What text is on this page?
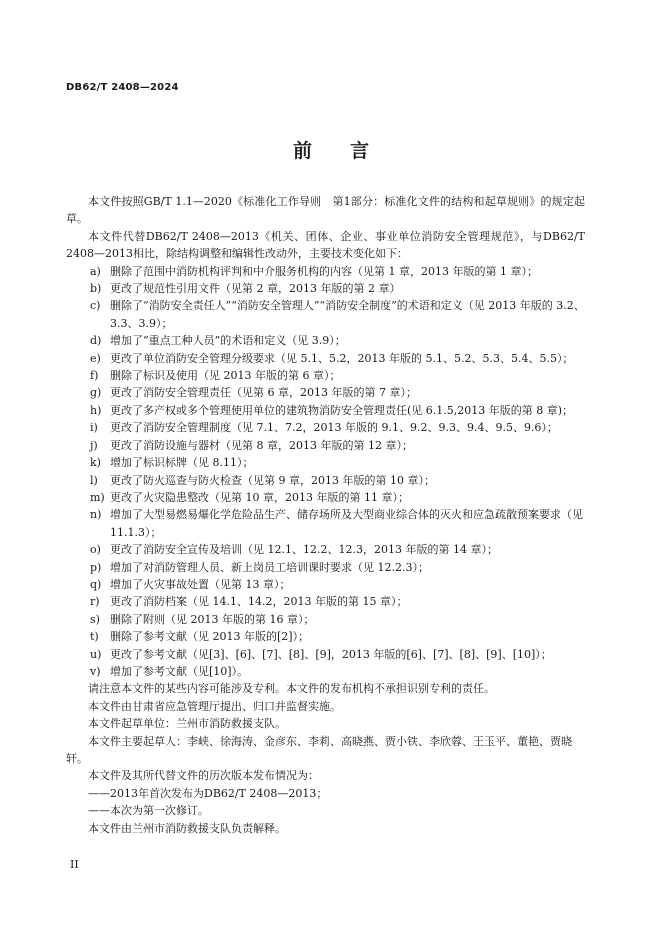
DB62/T 2408—2024
前 言

本文件按照GB/T 1.1—2020《标准化工作导则　第1部分：标准化文件的结构和起草规则》的规定起草。

本文件代替DB62/T 2408—2013《机关、团体、企业、事业单位消防安全管理规范》，与DB62/T 2408—2013相比，除结构调整和编辑性改动外，主要技术变化如下：

a) 删除了范围中消防机构评判和中介服务机构的内容（见第 1 章，2013 年版的第 1 章）；

b) 更改了规范性引用文件（见第 2 章，2013 年版的第 2 章）

c) 删除了“消防安全责任人”“消防安全管理人”“消防安全制度”的术语和定义（见 2013 年版的 3.2、3.3、3.9）；

d) 增加了“重点工种人员”的术语和定义（见 3.9）；

e) 更改了单位消防安全管理分级要求（见 5.1、5.2，2013 年版的 5.1、5.2、5.3、5.4、5.5）；

f)	删除了标识及使用（见 2013 年版的第 6 章）；

g) 更改了消防安全管理责任（见第 6 章，2013 年版的第 7 章）；

h) 更改了多产权或多个管理使用单位的建筑物消防安全管理责任(见 6.1.5,2013 年版的第 8 章)；

i)	更改了消防安全管理制度（见 7.1、7.2，2013 年版的 9.1、9.2、9.3、9.4、9.5、9.6）；

j)	更改了消防设施与器材（见第 8 章，2013 年版的第 12 章）；

k) 增加了标识标牌（见 8.11）；

l)	更改了防火巡查与防火检查（见第 9 章，2013 年版的第 10 章）；

m) 更改了火灾隐患整改（见第 10 章，2013 年版的第 11 章）；

n) 增加了大型易燃易爆化学危险品生产、储存场所及大型商业综合体的灭火和应急疏散预案要求（见 11.1.3）；

o) 更改了消防安全宣传及培训（见 12.1、12.2、12.3，2013 年版的第 14 章）；

p) 增加了对消防管理人员、新上岗员工培训课时要求（见 12.2.3）；

q) 增加了火灾事故处置（见第 13 章）；

r) 更改了消防档案（见 14.1、14.2，2013 年版的第 15 章）；

s) 删除了附则（见 2013 年版的第 16 章）；

t)	删除了参考文献（见 2013 年版的[2]）；

u) 更改了参考文献（见[3]、[6]、[7]、[8]、[9]，2013 年版的[6]、[7]、[8]、[9]、[10]）；

v) 增加了参考文献（见[10]）。

请注意本文件的某些内容可能涉及专利。本文件的发布机构不承担识别专利的责任。

本文件由甘肃省应急管理厅提出、归口并监督实施。

本文件起草单位：兰州市消防救援支队。

本文件主要起草人：李峡、徐海涛、金彦东、李莉、高晓燕、贾小铁、李欣蓉、王玉平、董艳、贾晓轩。

本文件及其所代替文件的历次版本发布情况为：

——2013年首次发布为DB62/T 2408—2013；

——本次为第一次修订。

本文件由兰州市消防救援支队负责解释。

II
